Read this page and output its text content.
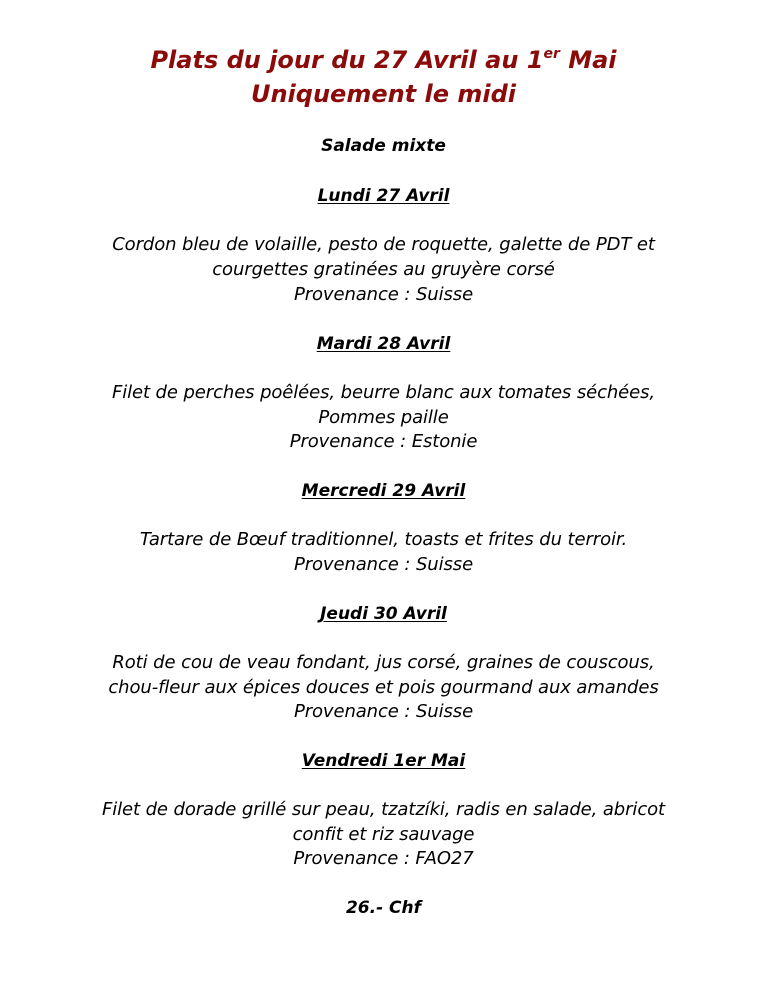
Plats du jour du 27 Avril au 1er Mai
Uniquement le midi
Salade mixte
Lundi 27 Avril
Cordon bleu de volaille, pesto de roquette, galette de PDT et
courgettes gratinées au gruyère corsé
Provenance : Suisse
Mardi 28 Avril
Filet de perches poêlées, beurre blanc aux tomates séchées,
Pommes paille
Provenance : Estonie
Mercredi 29 Avril
Tartare de Bœuf traditionnel, toasts et frites du terroir.
Provenance : Suisse
Jeudi 30 Avril
Roti de cou de veau fondant, jus corsé, graines de couscous,
chou-fleur aux épices douces et pois gourmand aux amandes
Provenance : Suisse
Vendredi 1er Mai
Filet de dorade grillé sur peau, tzatzíki, radis en salade, abricot
confit et riz sauvage
Provenance : FAO27
26.- Chf
